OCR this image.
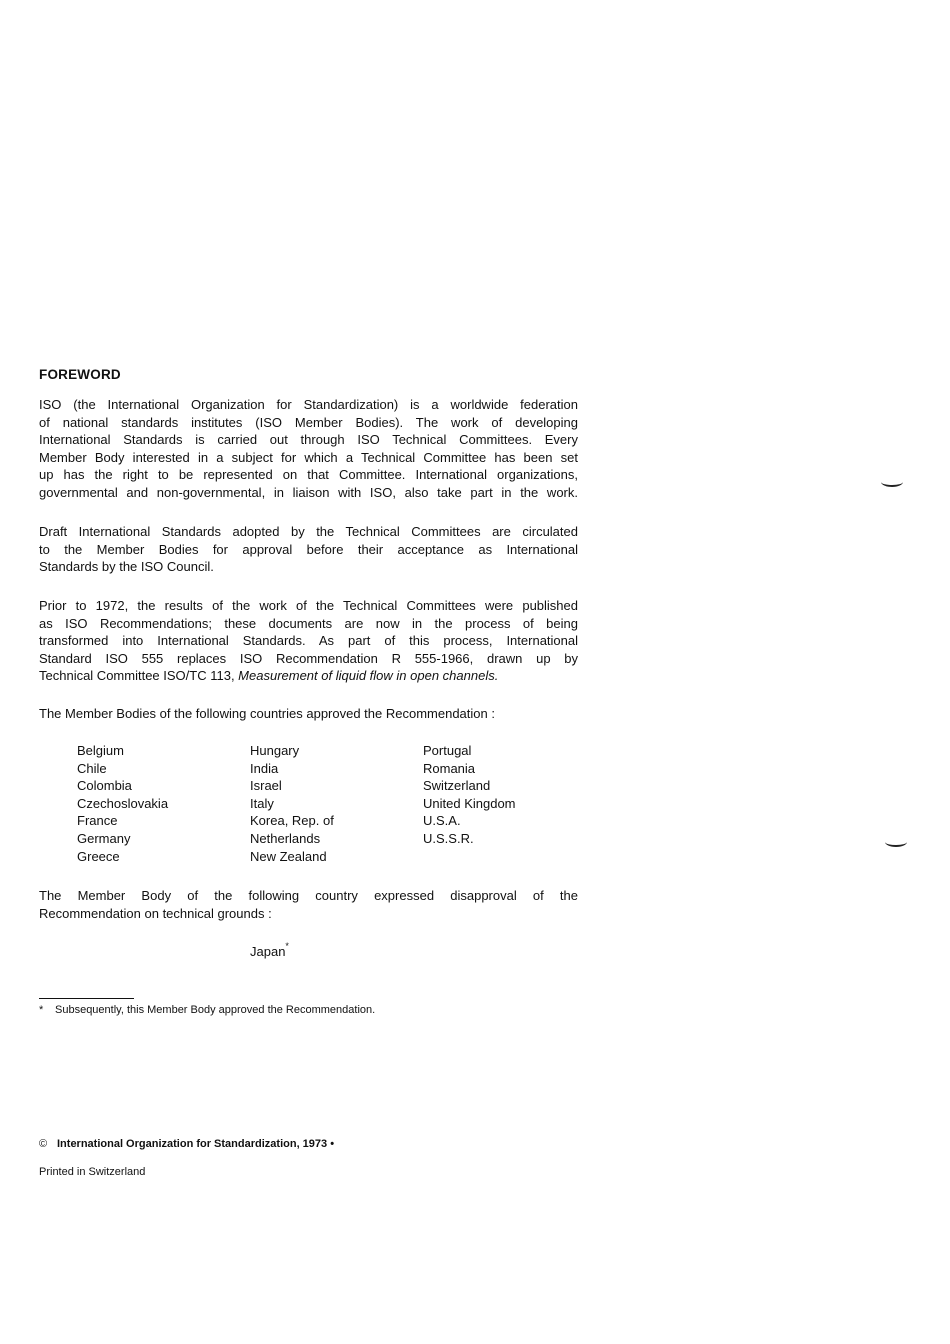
FOREWORD
ISO (the International Organization for Standardization) is a worldwide federation
of national standards institutes (ISO Member Bodies). The work of developing
International Standards is carried out through ISO Technical Committees. Every
Member Body interested in a subject for which a Technical Committee has been set
up has the right to be represented on that Committee. International organizations,
governmental and non-governmental, in liaison with ISO, also take part in the work.
Draft International Standards adopted by the Technical Committees are circulated
to the Member Bodies for approval before their acceptance as International
Standards by the ISO Council.
Prior to 1972, the results of the work of the Technical Committees were published
as ISO Recommendations; these documents are now in the process of being
transformed into International Standards. As part of this process, International
Standard ISO 555 replaces ISO Recommendation R 555-1966, drawn up by
Technical Committee ISO/TC 113, Measurement of liquid flow in open channels.
The Member Bodies of the following countries approved the Recommendation :
Belgium
Chile
Colombia
Czechoslovakia
France
Germany
Greece
Hungary
India
Israel
Italy
Korea, Rep. of
Netherlands
New Zealand
Portugal
Romania
Switzerland
United Kingdom
U.S.A.
U.S.S.R.
The Member Body of the following country expressed disapproval of the
Recommendation on technical grounds :
Japan*
* Subsequently, this Member Body approved the Recommendation.
© International Organization for Standardization, 1973 •
Printed in Switzerland
